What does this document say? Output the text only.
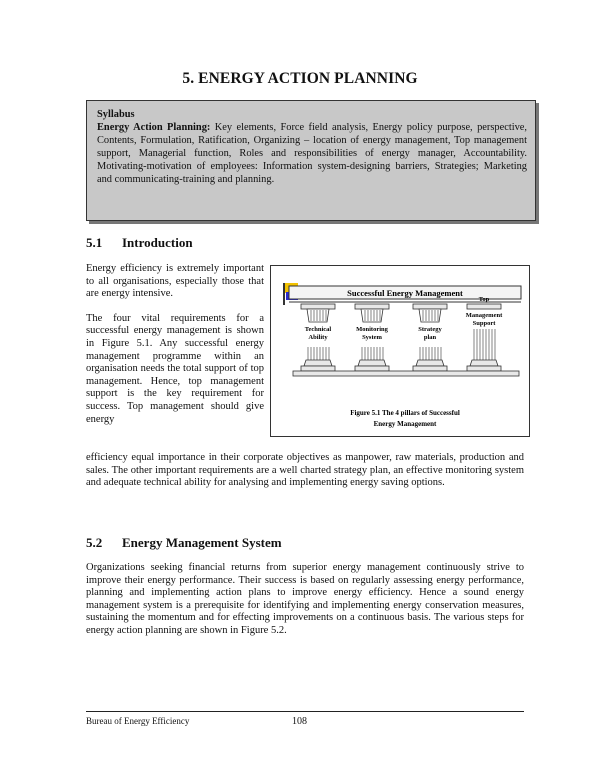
5. ENERGY ACTION PLANNING

Syllabus

Energy Action Planning: Key elements, Force field analysis, Energy policy purpose, perspective, Contents, Formulation, Ratification, Organizing – location of energy management, Top management support, Managerial function, Roles and responsibilities of energy manager, Accountability. Motivating-motivation of employees: Information system-designing barriers, Strategies; Marketing and communicating-training and planning.

5.1 Introduction

Energy efficiency is extremely important to all organisations, especially those that are energy intensive.

The four vital requirements for a successful energy management is shown in Figure 5.1. Any successful energy management programme within an organisation needs the total support of top management. Hence, top management support is the key requirement for success. Top management should give energy

Successful Energy Management
Technical
Ability
Monitoring
System
Strategy
plan
Top
Management
Support
Figure 5.1 The 4 pillars of Successful
Energy Management

efficiency equal importance in their corporate objectives as manpower, raw materials, production and sales. The other important requirements are a well charted strategy plan, an effective monitoring system and adequate technical ability for analysing and implementing energy saving options.

5.2 Energy Management System

Organizations seeking financial returns from superior energy management continuously strive to improve their energy performance. Their success is based on regularly assessing energy performance, planning and implementing action plans to improve energy efficiency. Hence a sound energy management system is a prerequisite for identifying and implementing energy conservation measures, sustaining the momentum and for effecting improvements on a continuous basis. The various steps for energy action planning are shown in Figure 5.2.

Bureau of Energy Efficiency	108
